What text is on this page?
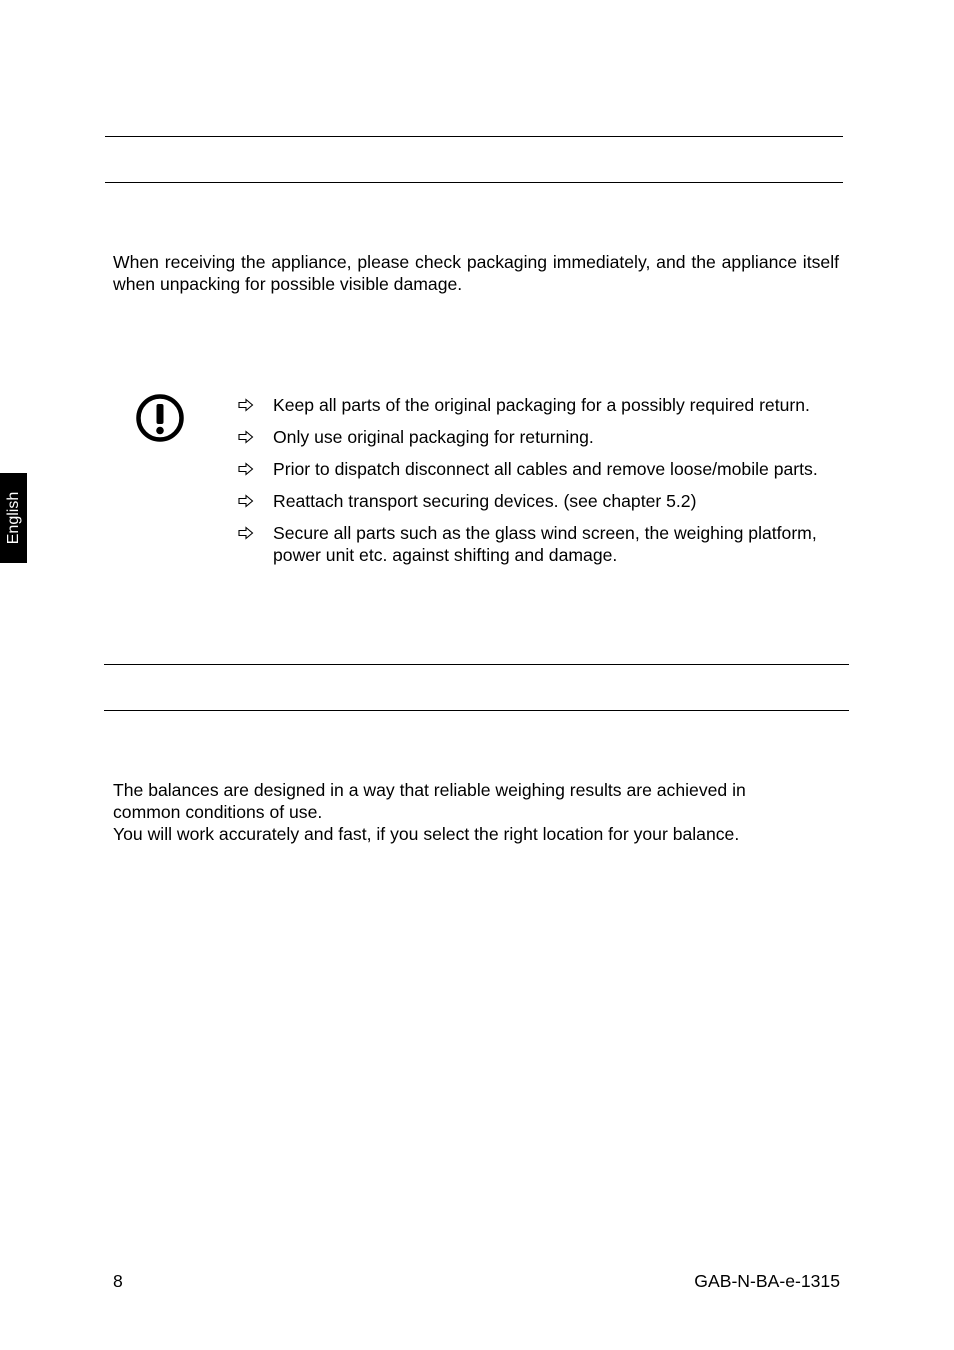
English

When receiving the appliance, please check packaging immediately, and the appliance itself when unpacking for possible visible damage.

Keep all parts of the original packaging for a possibly required return.
Only use original packaging for returning.
Prior to dispatch disconnect all cables and remove loose/mobile parts.
Reattach transport securing devices. (see chapter 5.2)
Secure all parts such as the glass wind screen, the weighing platform, power unit etc. against shifting and damage.
The balances are designed in a way that reliable weighing results are achieved in common conditions of use.
You will work accurately and fast, if you select the right location for your balance.
8	GAB-N-BA-e-1315
